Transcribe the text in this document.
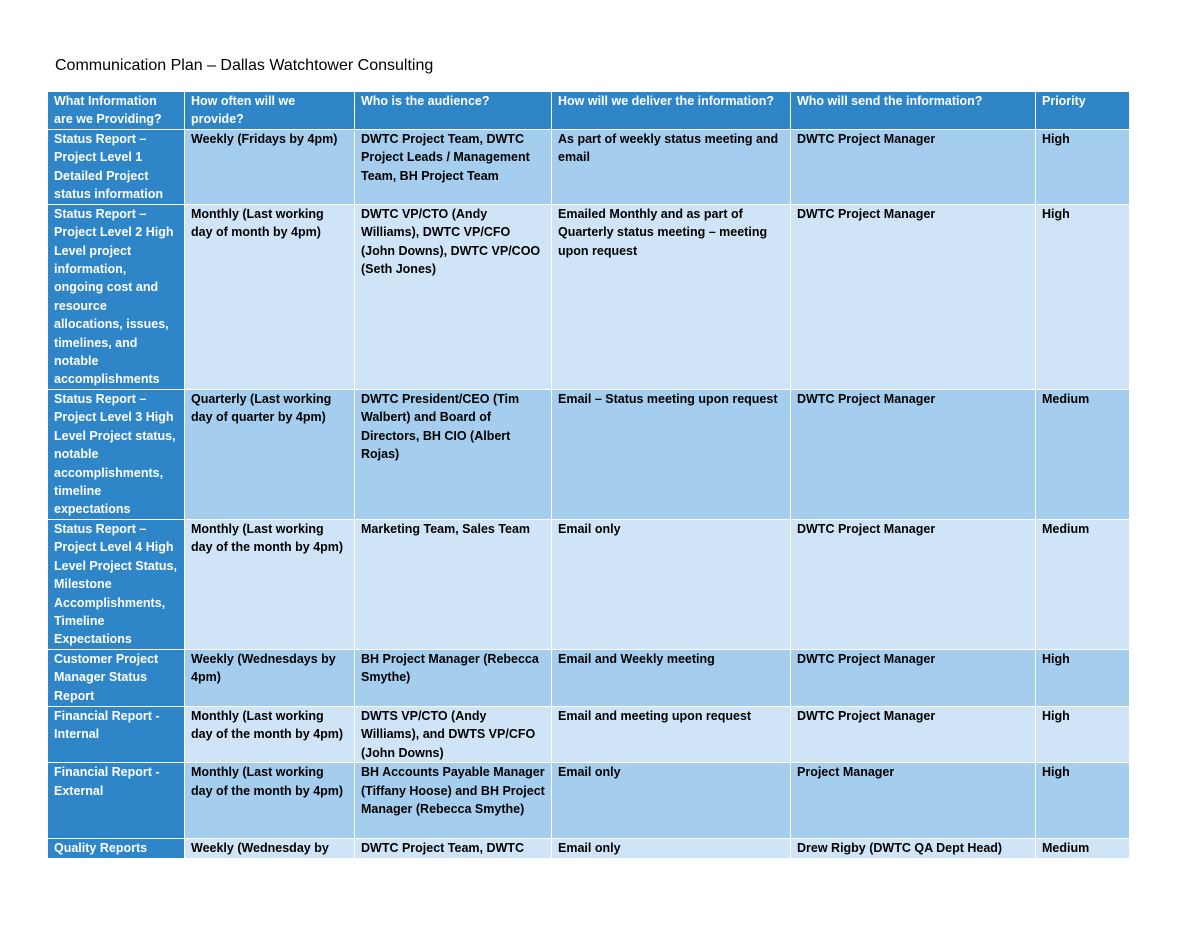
Communication Plan – Dallas Watchtower Consulting
What Information are we Providing?	How often will we provide?	Who is the audience?	How will we deliver the information?	Who will send the information?	Priority
Status Report – Project Level 1 Detailed Project status information	Weekly (Fridays by 4pm)	DWTC Project Team, DWTC Project Leads / Management Team, BH Project Team	As part of weekly status meeting and email	DWTC Project Manager	High
Status Report – Project Level 2 High Level project information, ongoing cost and resource allocations, issues, timelines, and notable accomplishments	Monthly (Last working day of month by 4pm)	DWTC VP/CTO (Andy Williams), DWTC VP/CFO (John Downs), DWTC VP/COO (Seth Jones)	Emailed Monthly and as part of Quarterly status meeting – meeting upon request	DWTC Project Manager	High
Status Report – Project Level 3 High Level Project status, notable accomplishments, timeline expectations	Quarterly (Last working day of quarter by 4pm)	DWTC President/CEO (Tim Walbert) and Board of Directors, BH CIO (Albert Rojas)	Email – Status meeting upon request	DWTC Project Manager	Medium
Status Report – Project Level 4 High Level Project Status, Milestone Accomplishments, Timeline Expectations	Monthly (Last working day of the month by 4pm)	Marketing Team, Sales Team	Email only	DWTC Project Manager	Medium
Customer Project Manager Status Report	Weekly (Wednesdays by 4pm)	BH Project Manager (Rebecca Smythe)	Email and Weekly meeting	DWTC Project Manager	High
Financial Report - Internal	Monthly (Last working day of the month by 4pm)	DWTS VP/CTO (Andy Williams), and DWTS VP/CFO (John Downs)	Email and meeting upon request	DWTC Project Manager	High
Financial Report - External	Monthly (Last working day of the month by 4pm)	BH Accounts Payable Manager (Tiffany Hoose) and BH Project Manager (Rebecca Smythe)	Email only	Project Manager	High
Quality Reports	Weekly (Wednesday by	DWTC Project Team, DWTC	Email only	Drew Rigby (DWTC QA Dept Head)	Medium
